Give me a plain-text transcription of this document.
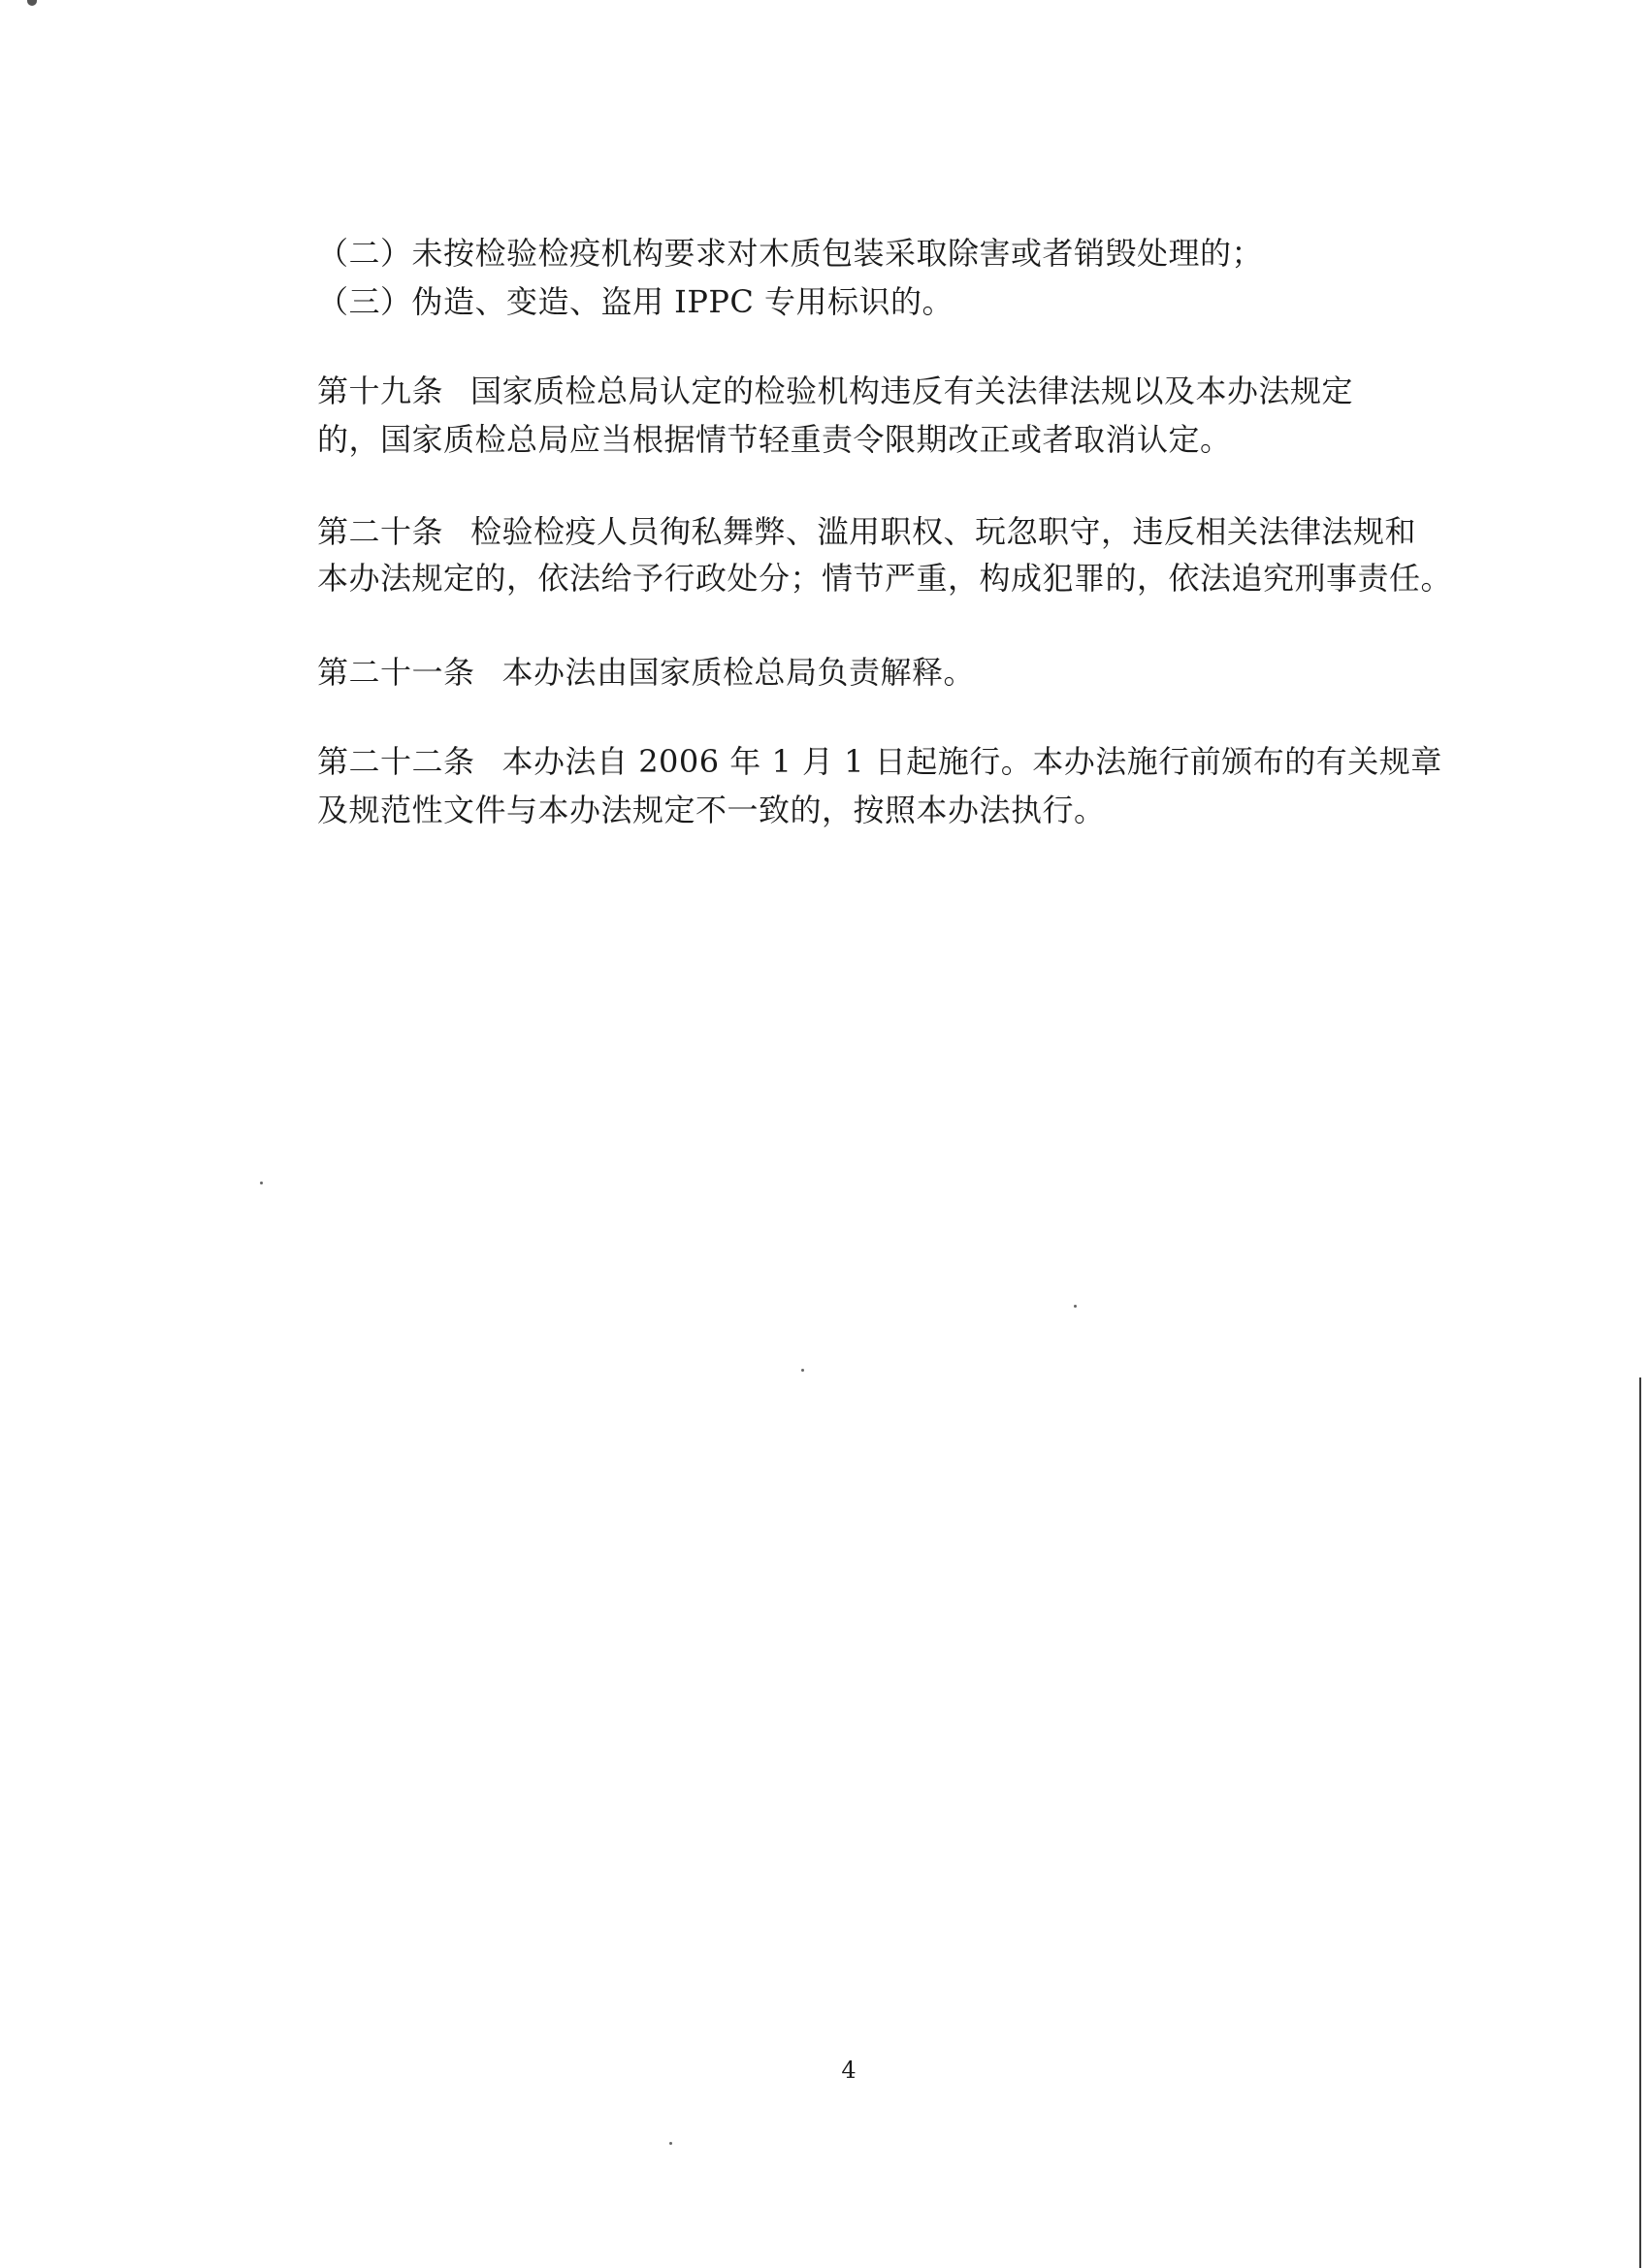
（二）未按检验检疫机构要求对木质包装采取除害或者销毁处理的；
（三）伪造、变造、盗用 IPPC 专用标识的。
第十九条 国家质检总局认定的检验机构违反有关法律法规以及本办法规定
的，国家质检总局应当根据情节轻重责令限期改正或者取消认定。
第二十条 检验检疫人员徇私舞弊、滥用职权、玩忽职守，违反相关法律法规和
本办法规定的，依法给予行政处分；情节严重，构成犯罪的，依法追究刑事责任。
第二十一条 本办法由国家质检总局负责解释。
第二十二条 本办法自 2006 年 1 月 1 日起施行。本办法施行前颁布的有关规章
及规范性文件与本办法规定不一致的，按照本办法执行。
4
